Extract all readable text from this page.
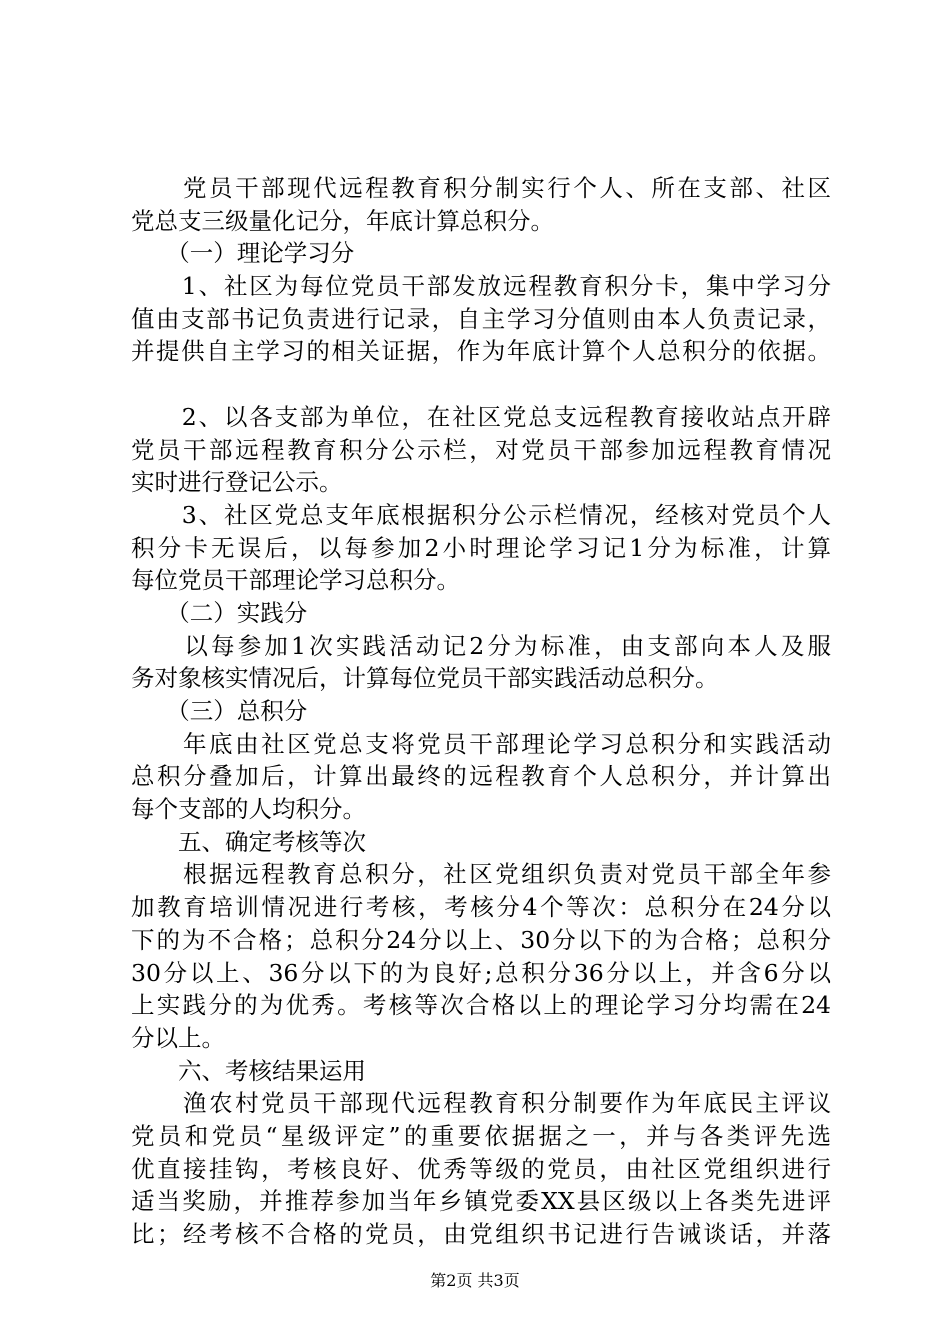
　　党员干部现代远程教育积分制实行个人、所在支部、社区
党总支三级量化记分，年底计算总积分。
　　（一）理论学习分
　　1、社区为每位党员干部发放远程教育积分卡，集中学习分
值由支部书记负责进行记录，自主学习分值则由本人负责记录，
并提供自主学习的相关证据，作为年底计算个人总积分的依据。
　　2、以各支部为单位，在社区党总支远程教育接收站点开辟
党员干部远程教育积分公示栏，对党员干部参加远程教育情况
实时进行登记公示。
　　3、社区党总支年底根据积分公示栏情况，经核对党员个人
积分卡无误后，以每参加2小时理论学习记1分为标准，计算
每位党员干部理论学习总积分。
　　（二）实践分
　　以每参加1次实践活动记2分为标准，由支部向本人及服
务对象核实情况后，计算每位党员干部实践活动总积分。
　　（三）总积分
　　年底由社区党总支将党员干部理论学习总积分和实践活动
总积分叠加后，计算出最终的远程教育个人总积分，并计算出
每个支部的人均积分。
　　五、确定考核等次
　　根据远程教育总积分，社区党组织负责对党员干部全年参
加教育培训情况进行考核，考核分4个等次：总积分在24分以
下的为不合格；总积分24分以上、30分以下的为合格；总积分
30分以上、36分以下的为良好;总积分36分以上，并含6分以
上实践分的为优秀。考核等次合格以上的理论学习分均需在24
分以上。
　　六、考核结果运用
　　渔农村党员干部现代远程教育积分制要作为年底民主评议
党员和党员“星级评定”的重要依据据之一，并与各类评先选
优直接挂钩，考核良好、优秀等级的党员，由社区党组织进行
适当奖励，并推荐参加当年乡镇党委XX县区级以上各类先进评
比；经考核不合格的党员，由党组织书记进行告诫谈话，并落
第2页 共3页
